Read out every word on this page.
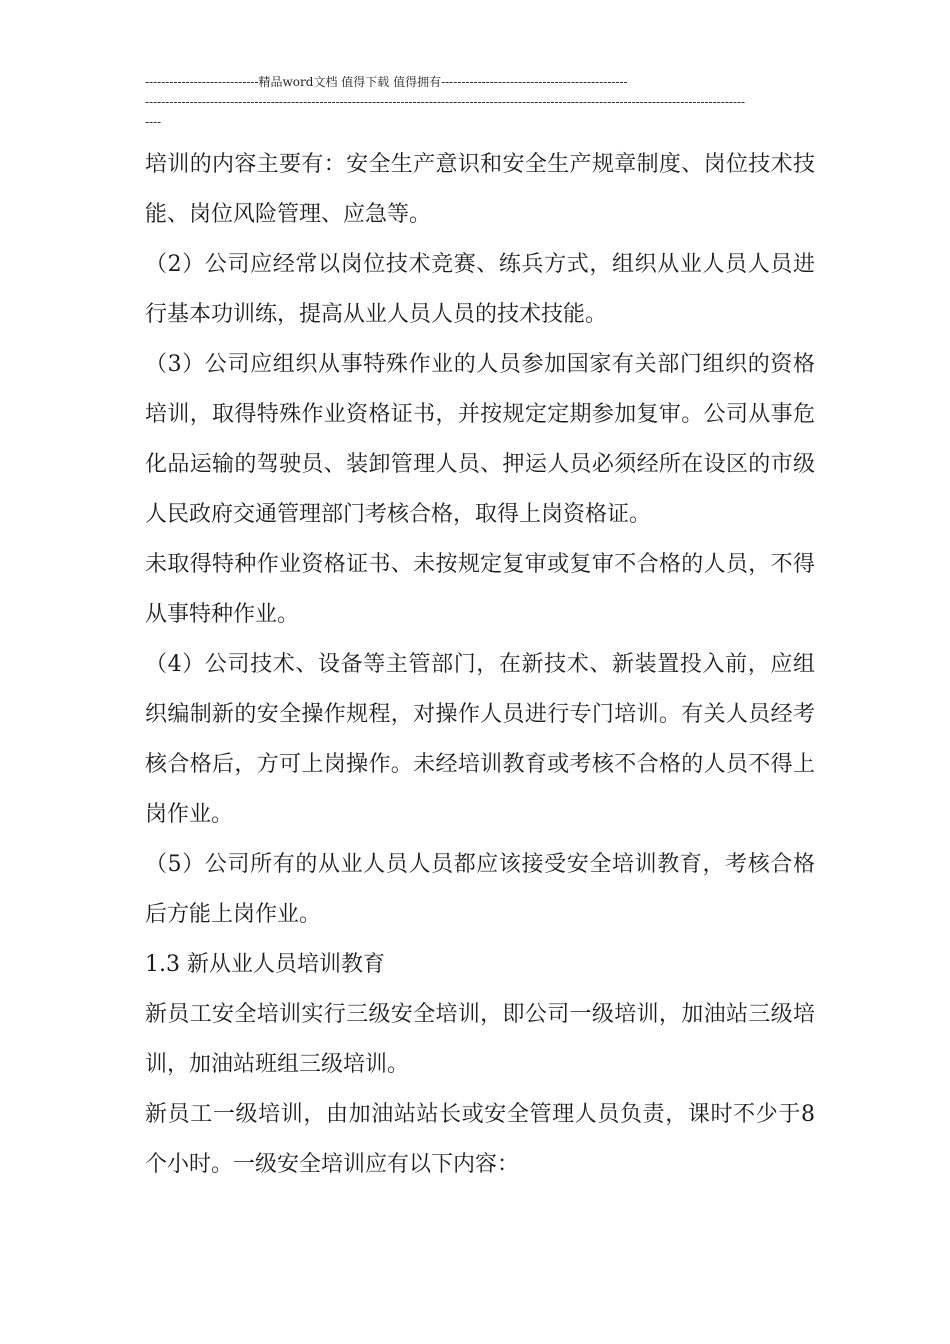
----------------------------精品word文档 值得下载 值得拥有----------------------------------------------
----------------------------------------------------------------------------------------------------------------------------------------------------
----

培训的内容主要有：安全生产意识和安全生产规章制度、岗位技术技能、岗位风险管理、应急等。

（2）公司应经常以岗位技术竞赛、练兵方式，组织从业人员人员进行基本功训练，提高从业人员人员的技术技能。

（3）公司应组织从事特殊作业的人员参加国家有关部门组织的资格培训，取得特殊作业资格证书，并按规定定期参加复审。公司从事危化品运输的驾驶员、装卸管理人员、押运人员必须经所在设区的市级人民政府交通管理部门考核合格，取得上岗资格证。

未取得特种作业资格证书、未按规定复审或复审不合格的人员，不得从事特种作业。

（4）公司技术、设备等主管部门，在新技术、新装置投入前，应组织编制新的安全操作规程，对操作人员进行专门培训。有关人员经考核合格后，方可上岗操作。未经培训教育或考核不合格的人员不得上岗作业。

（5）公司所有的从业人员人员都应该接受安全培训教育，考核合格后方能上岗作业。

1.3 新从业人员培训教育

新员工安全培训实行三级安全培训，即公司一级培训，加油站三级培训，加油站班组三级培训。

新员工一级培训，由加油站站长或安全管理人员负责，课时不少于8个小时。一级安全培训应有以下内容：
